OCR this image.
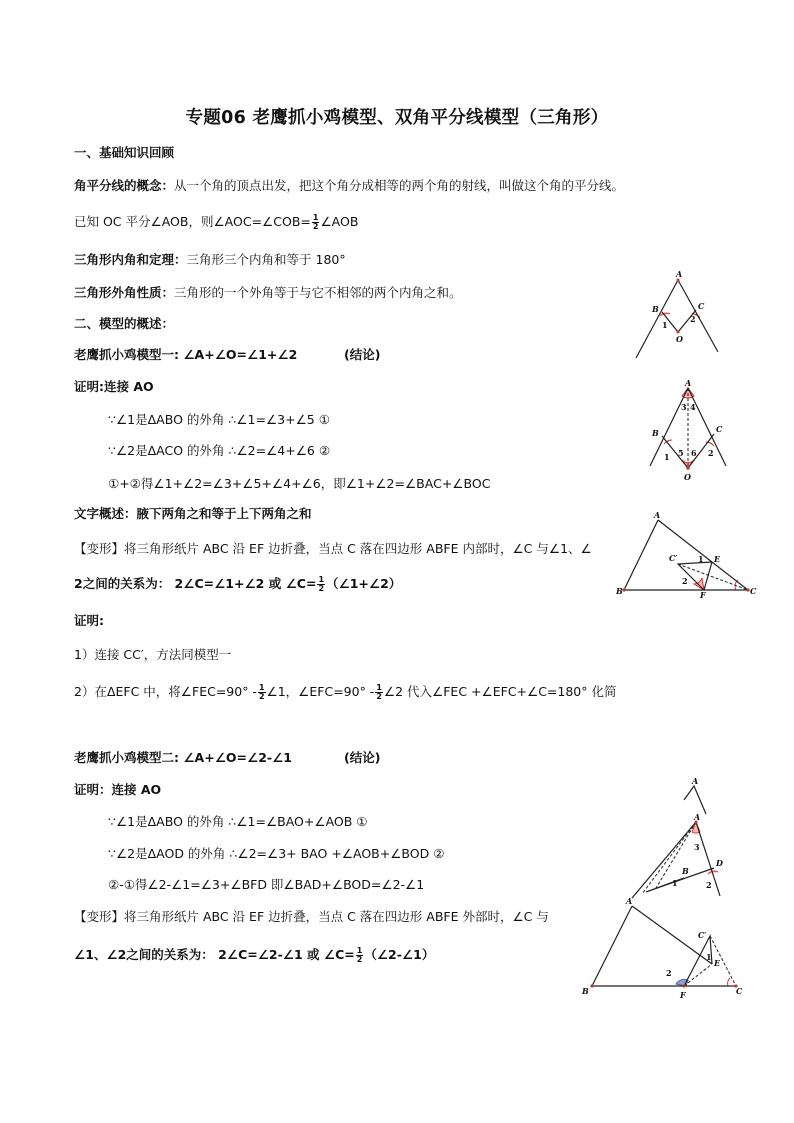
专题06 老鹰抓小鸡模型、双角平分线模型（三角形）
一、基础知识回顾
角平分线的概念：从一个角的顶点出发，把这个角分成相等的两个角的射线，叫做这个角的平分线。
已知 OC 平分∠AOB，则∠AOC=∠COB= $\frac{1}{2}$ ∠AOB
三角形内角和定理：三角形三个内角和等于 180°
三角形外角性质：三角形的一个外角等于与它不相邻的两个内角之和。
二、模型的概述：
老鹰抓小鸡模型一: ∠A+∠O=∠1+∠2	(结论)
证明:连接 AO
∵∠1是ΔABO 的外角 ∴∠1=∠3+∠5 ①
∵∠2是ΔACO 的外角 ∴∠2=∠4+∠6 ②
①+②得∠1+∠2=∠3+∠5+∠4+∠6，即∠1+∠2=∠BAC+∠BOC
文字概述：腋下两角之和等于上下两角之和
【变形】将三角形纸片 ABC 沿 EF 边折叠，当点 C 落在四边形 ABFE 内部时，∠C 与∠1、∠
2之间的关系为： 2∠C=∠1+∠2 或 ∠C= $\frac{1}{2}$ （∠1+∠2）
证明:
1）连接 CC′，方法同模型一
2）在ΔEFC 中，将∠FEC=90° - $\frac{1}{2}$ ∠1，∠EFC=90° - $\frac{1}{2}$ ∠2 代入∠FEC +∠EFC+∠C=180° 化简
老鹰抓小鸡模型二: ∠A+∠O=∠2-∠1	(结论)
证明：连接 AO
∵∠1是ΔABO 的外角 ∴∠1=∠BAO+∠AOB ①
∵∠2是ΔAOD 的外角 ∴∠2=∠3+ BAO +∠AOB+∠BOD ②
②-①得∠2-∠1=∠3+∠BFD 即∠BAD+∠BOD=∠2-∠1
【变形】将三角形纸片 ABC 沿 EF 边折叠，当点 C 落在四边形 ABFE 外部时，∠C 与
∠1、∠2之间的关系为： 2∠C=∠2-∠1 或 ∠C= $\frac{1}{2}$ （∠2-∠1）
A
B	C
O
1
2
A
B	C
O
3 4
5 6
1	2
A
B	C
C′	E
F
1
2
A
A
B
D
3
1	2
A
B	C
C′
E
F
1
2
